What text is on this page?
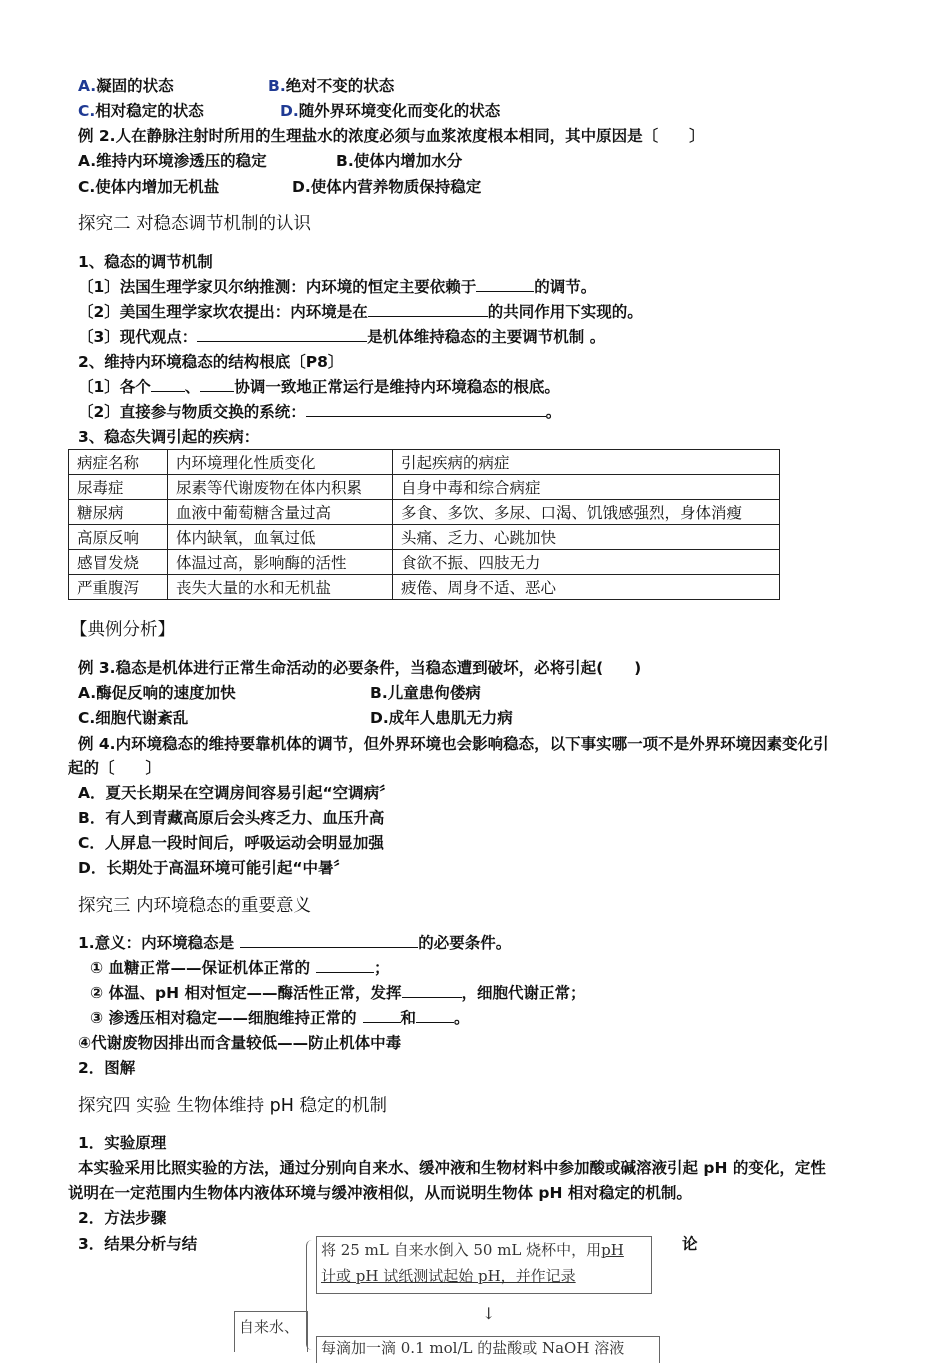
A.凝固的状态	B.绝对不变的状态
C.相对稳定的状态	D.随外界环境变化而变化的状态
例 2.人在静脉注射时所用的生理盐水的浓度必须与血浆浓度根本相同，其中原因是〔　　〕
A.维持内环境渗透压的稳定	B.使体内增加水分
C.使体内增加无机盐	D.使体内营养物质保持稳定
探究二 对稳态调节机制的认识
1、稳态的调节机制
〔1〕法国生理学家贝尔纳推测：内环境的恒定主要依赖于	的调节。
〔2〕美国生理学家坎农提出：内环境是在	的共同作用下实现的。
〔3〕现代观点：	是机体维持稳态的主要调节机制 。
2、维持内环境稳态的结构根底〔P8〕
〔1〕各个 、 协调一致地正常运行是维持内环境稳态的根底。
〔2〕直接参与物质交换的系统：	。
3、稳态失调引起的疾病：
病症名称	内环境理化性质变化	引起疾病的病症
尿毒症	尿素等代谢废物在体内积累	自身中毒和综合病症
糖尿病	血液中葡萄糖含量过高	多食、多饮、多尿、口渴、饥饿感强烈，身体消瘦
高原反响	体内缺氧，血氧过低	头痛、乏力、心跳加快
感冒发烧	体温过高，影响酶的活性	食欲不振、四肢无力
严重腹泻	丧失大量的水和无机盐	疲倦、周身不适、恶心
【典例分析】
例 3.稳态是机体进行正常生命活动的必要条件，当稳态遭到破坏，必将引起(　　)
A.酶促反响的速度加快	B.儿童患佝偻病
C.细胞代谢紊乱	D.成年人患肌无力病
例 4.内环境稳态的维持要靠机体的调节，但外界环境也会影响稳态，以下事实哪一项不是外界环境因素变化引
起的〔　　〕
A．夏天长期呆在空调房间容易引起“空调病〞
B．有人到青藏高原后会头疼乏力、血压升高
C．人屏息一段时间后，呼吸运动会明显加强
D．长期处于高温环境可能引起“中暑〞
探究三 内环境稳态的重要意义
1.意义：内环境稳态是	的必要条件。
① 血糖正常——保证机体正常的	；
② 体温、pH 相对恒定——酶活性正常，发挥	，细胞代谢正常；
③ 渗透压相对稳定——细胞维持正常的	和 。
④代谢废物因排出而含量较低——防止机体中毒
2．图解
探究四 实验 生物体维持 pH 稳定的机制
1．实验原理
本实验采用比照实验的方法，通过分别向自来水、缓冲液和生物材料中参加酸或碱溶液引起 pH 的变化，定性
说明在一定范围内生物体内液体环境与缓冲液相似，从而说明生物体 pH 相对稳定的机制。
2．方法步骤
3．结果分析与结	论
将 25 mL 自来水倒入 50 mL 烧杯中，用pH
计或 pH 试纸测试起始 pH，并作记录
↓
自来水、
每滴加一滴 0.1 mol/L 的盐酸或 NaOH 溶液
